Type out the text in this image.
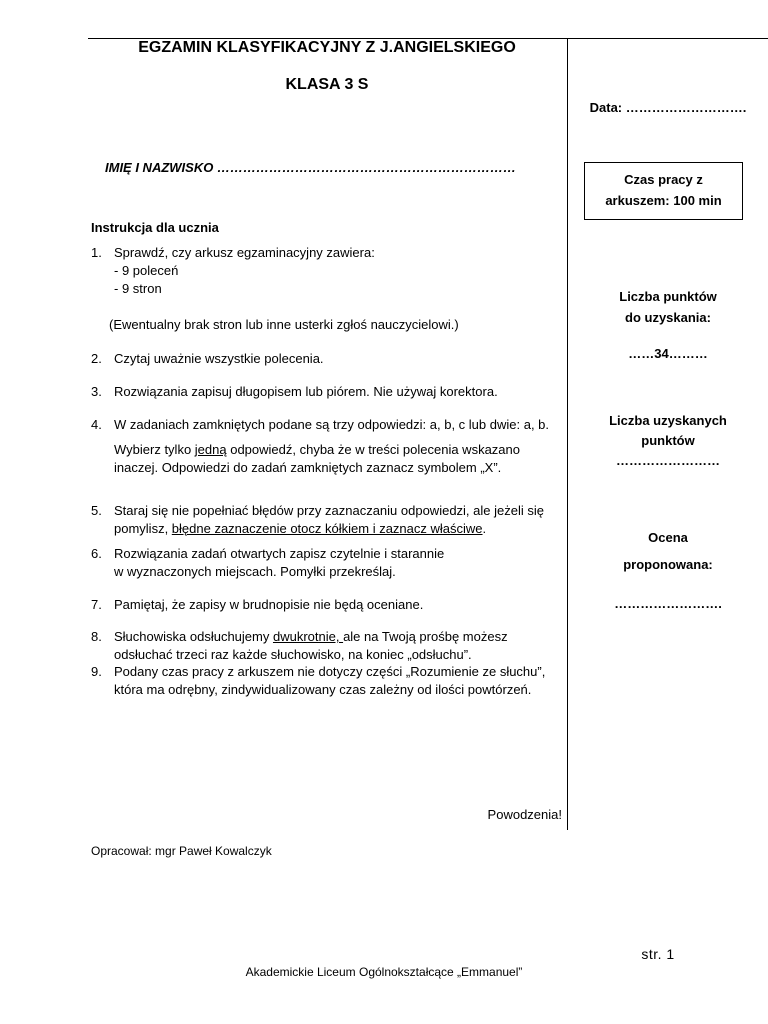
EGZAMIN KLASYFIKACYJNY Z J.ANGIELSKIEGO
KLASA 3 S
Data: ……………………….
IMIĘ I NAZWISKO ……………………………………………………………
Instrukcja dla ucznia
1. Sprawdź, czy arkusz egzaminacyjny zawiera:
- 9 poleceń
- 9 stron
(Ewentualny brak stron lub inne usterki zgłoś nauczycielowi.)
2. Czytaj uważnie wszystkie polecenia.
3. Rozwiązania zapisuj długopisem lub piórem. Nie używaj korektora.
4. W zadaniach zamkniętych podane są trzy odpowiedzi: a, b, c lub dwie: a, b.
Wybierz tylko jedną odpowiedź, chyba że w treści polecenia wskazano inaczej. Odpowiedzi do zadań zamkniętych zaznacz symbolem „X”.
5. Staraj się nie popełniać błędów przy zaznaczaniu odpowiedzi, ale jeżeli się pomylisz, błędne zaznaczenie otocz kółkiem i zaznacz właściwe.
6. Rozwiązania zadań otwartych zapisz czytelnie i starannie
w wyznaczonych miejscach. Pomyłki przekreślaj.
7. Pamiętaj, że zapisy w brudnopisie nie będą oceniane.
8. Słuchowiska odsłuchujemy dwukrotnie, ale na Twoją prośbę możesz odsłuchać trzeci raz każde słuchowisko, na koniec „odsłuchu”.
9. Podany czas pracy z arkuszem nie dotyczy części „Rozumienie ze słuchu”, która ma odrębny, zindywidualizowany czas zależny od ilości powtórzeń.
Powodzenia!
Czas pracy z
arkuszem: 100 min
Liczba punktów
do uzyskania:
……34………
Liczba uzyskanych
punktów
……………………
Ocena
proponowana:
…………………….
Opracował: mgr Paweł Kowalczyk
str. 1
Akademickie Liceum Ogólnokształcące „Emmanuel”
